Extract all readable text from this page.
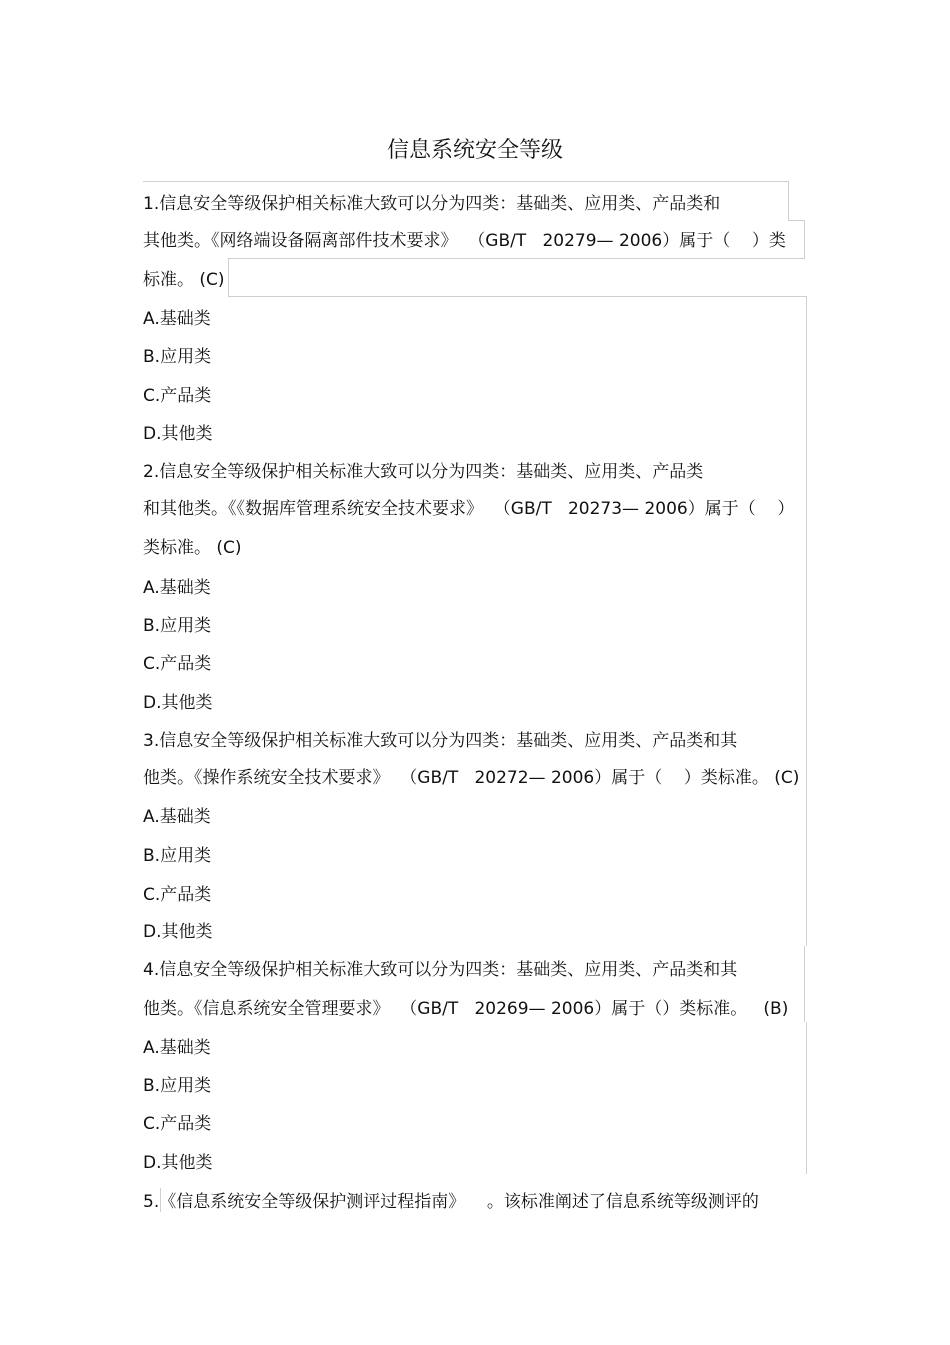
信息系统安全等级
1.信息安全等级保护相关标准大致可以分为四类：基础类、应用类、产品类和
其他类。《网络端设备隔离部件技术要求》  （GB/T   20279— 2006）属于（    ）类
标准。 (C)
A.基础类
B.应用类
C.产品类
D.其他类
2.信息安全等级保护相关标准大致可以分为四类：基础类、应用类、产品类
和其他类。《《数据库管理系统安全技术要求》  （GB/T   20273— 2006）属于（    ）
类标准。 (C)
A.基础类
B.应用类
C.产品类
D.其他类
3.信息安全等级保护相关标准大致可以分为四类：基础类、应用类、产品类和其
他类。《操作系统安全技术要求》  （GB/T   20272— 2006）属于（    ）类标准。 (C)
A.基础类
B.应用类
C.产品类
D.其他类
4.信息安全等级保护相关标准大致可以分为四类：基础类、应用类、产品类和其
他类。《信息系统安全管理要求》  （GB/T   20269— 2006）属于（）类标准。   (B)
A.基础类
B.应用类
C.产品类
D.其他类
5.《信息系统安全等级保护测评过程指南》    。该标准阐述了信息系统等级测评的
